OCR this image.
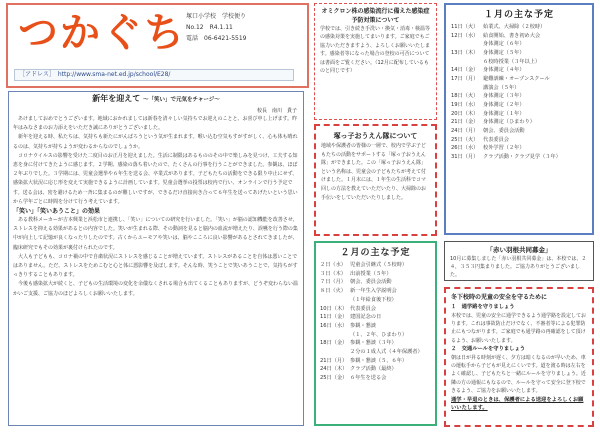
つかぐち 塚口小学校　学校便り
No.12　R4.1.11
電話　06-6421-5519
［アドレス］　http://www.sma-net.ed.jp/school/E28/
新年を迎えて ～「笑い」で元気をチャージ～
校長　南川　貴子

あけましておめでとうございます。地域におかれましては新春を清々しい気持ちでお迎えのことと、お喜び申し上げます。昨年はみなさまのお力添えをいただき誠にありがとうございました。

新年を迎える時、私たちは、気持ちも新たにがんばろうという気が生まれます。喉い込む空気もすがすがしく、心も体も晴れるのは、気持ちが持ちようが変わるからなのでしょうか。

コロナウイルスの影響を受けた二度目のお正月を迎えました。生活に制限はあるもののその中で楽しみを見つけ、工夫する知恵を身に付けてきたように感じます。２学期、感染の落ち着いたので、たくさんの行事を行うことができました。参観は、ほぼ２年ぶりでした。３学期には、児童会選挙や６年生を送る会、卒業式があります。子どもたちの活動をできる限り中止にせず、感染拡大状況に応じ形を変えて実施できるように計画しています。児童会選挙の投票は校内で行い、オンラインで行う予定です。送る会は、密を避けるため一斉に集まるのが難しいですが、できるだけ直接向き合って６年生を送ってあげたいという思いから学年ごとに時間を分けて行う考えています。

「笑い」「笑いあうこと」の効果

ある教科メーカーが吉本興業と浜松市と連携し、「笑い」についての研究を行いました。「笑い」が脳の認知機能を改善させ、ストレスを抑える効果があるとの内容でした。笑いが生まれる際、その動詞を見ると脳内の血流が増えたり、誤嚥を行う際の集中が向上して記憶が良くなったりしたのです。古くからユーモアや笑いは、脳やこころに良い影響があるとされてきましたが、臨床研究でもその効果が裏付けられたのです。

大人も子どもも、コロナ禍の中で自粛状況にストレスを感じることが増えています。ストレスがあることを自体は悪いことではありません。ただ、ストレスをためこむと心と体に悪影響を及ぼします。そんな時、笑うことで笑いあうことで、気持ちがすっきりすることもあります。

今後も感染拡大が続くと、子どもの生活環境の変化を余儀なくされる場合も出てくることもありますが、どうぞ変わらない温かいご支援、ご協力のほどよろしくお願いいたします。

オミクロン株の感染流行に備えた感染症予防対策について
学校では、引き続き手洗い・換気・消毒・検温等の感染対策を実施してまいります。ご家庭でもご協力いただきますよう、よろしくお願いいたします。感染者等になった場合の登校の可否については書面をご覧ください。（12月に配布しているものと同じです）
塚っ子おうえん隊について
地域や保護者の皆様の一層で、校内で学ぶ子どもたちの活動をサポートする「塚っ子おうえん隊」ができました。この「塚っ子おうえん隊」という名称は、児童会の子どもたちが考えて付けました。１月末には、１年生の生活科でコマ回しの方法を教えていただいたり、大掃除のお手伝いをしていただいたりしました。
２月の主な予定
２日（水） 児童会引継式（５校時）
３日（木） 出前授業（５年）
７日（月） 朝会、委員会活動
８日（火） 新一年生入学説明会
（１年給食後下校）
10日（木） 代表委員会
11日（金） 建国記念の日
16日（水） 参観・懇談
（１、２年、ひまわり）
18日（金） 参観・懇談（３年）
２分の１成人式（４年保護者）
21日（月） 参観・懇談（５、６年）
24日（木） クラブ活動（最終）
25日（金） ６年生を送る会
１月の主な予定
11日（火） 始業式、大掃除（２校時）
12日（水） 給食開始、書き初め大会
身体測定（６年）
13日（木） 身体測定（５年）
６校時授業（３年以上）
14日（金） 身体測定（４年）
17日（月） 避難訓練・オープンスクール
講演会（５年）
18日（火） 身体測定（３年）
19日（水） 身体測定（２年）
20日（木） 身体測定（１年）
21日（金） 身体測定（ひまわり）
24日（月） 朝会、委員会活動
25日（火） 代表委員会
26日（水） 校外学習（２年）
31日（月） クラブ活動・クラブ見学（３年）
「赤い羽根共同募金」
10月に募集しました「赤い羽根共同募金」は、本校では、２４，３５３円集まりました。ご協力ありがとうございました。
冬下校時の児童の安全を守るために
１　通学路を守りましょう
本校では、児童の安全に通学できるよう通学路を設定しております。これは事故防止だけでなく、不審者等による犯罪防止にもつながります。ご家庭でも通学路の再確認をして頂けるよう、お願いいたします。
２　交通ルールを守りましょう
朝は日が昇る時刻が遅く、夕方は暗くなるのが早いため、車の運転手から子どもが見えにくいです。道を渡る時は左右をよく確認し、子どもたちと一緒にルールを守りましょう。近隣の方の通報にもなるので、ルールを守って安全に登下校できるよう、ご協力をお願いいたします。
通学・早退のときは、保護者による送迎をよろしくお願いいたします。
